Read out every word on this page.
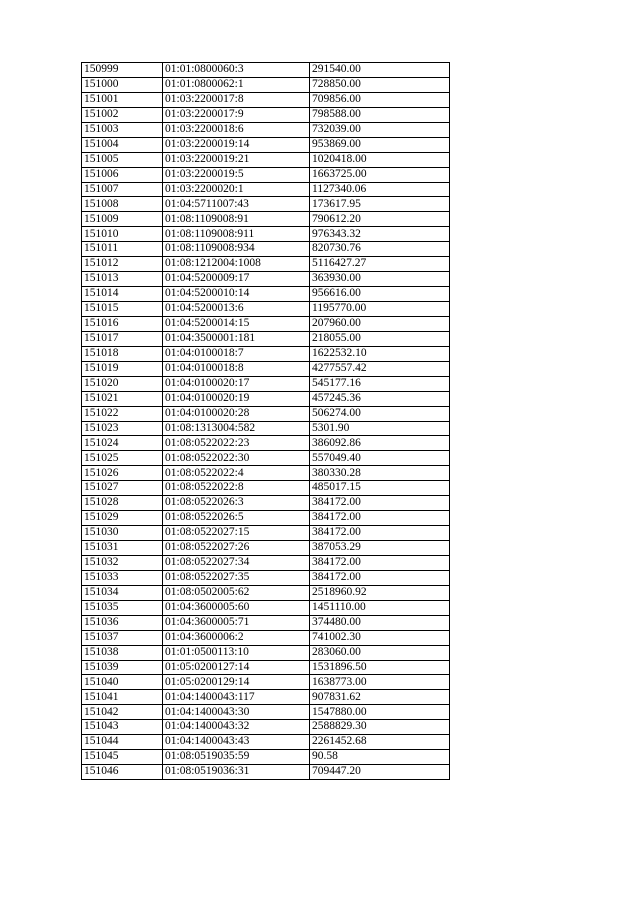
150999	01:01:0800060:3	291540.00
151000	01:01:0800062:1	728850.00
151001	01:03:2200017:8	709856.00
151002	01:03:2200017:9	798588.00
151003	01:03:2200018:6	732039.00
151004	01:03:2200019:14	953869.00
151005	01:03:2200019:21	1020418.00
151006	01:03:2200019:5	1663725.00
151007	01:03:2200020:1	1127340.06
151008	01:04:5711007:43	173617.95
151009	01:08:1109008:91	790612.20
151010	01:08:1109008:911	976343.32
151011	01:08:1109008:934	820730.76
151012	01:08:1212004:1008	5116427.27
151013	01:04:5200009:17	363930.00
151014	01:04:5200010:14	956616.00
151015	01:04:5200013:6	1195770.00
151016	01:04:5200014:15	207960.00
151017	01:04:3500001:181	218055.00
151018	01:04:0100018:7	1622532.10
151019	01:04:0100018:8	4277557.42
151020	01:04:0100020:17	545177.16
151021	01:04:0100020:19	457245.36
151022	01:04:0100020:28	506274.00
151023	01:08:1313004:582	5301.90
151024	01:08:0522022:23	386092.86
151025	01:08:0522022:30	557049.40
151026	01:08:0522022:4	380330.28
151027	01:08:0522022:8	485017.15
151028	01:08:0522026:3	384172.00
151029	01:08:0522026:5	384172.00
151030	01:08:0522027:15	384172.00
151031	01:08:0522027:26	387053.29
151032	01:08:0522027:34	384172.00
151033	01:08:0522027:35	384172.00
151034	01:08:0502005:62	2518960.92
151035	01:04:3600005:60	1451110.00
151036	01:04:3600005:71	374480.00
151037	01:04:3600006:2	741002.30
151038	01:01:0500113:10	283060.00
151039	01:05:0200127:14	1531896.50
151040	01:05:0200129:14	1638773.00
151041	01:04:1400043:117	907831.62
151042	01:04:1400043:30	1547880.00
151043	01:04:1400043:32	2588829.30
151044	01:04:1400043:43	2261452.68
151045	01:08:0519035:59	90.58
151046	01:08:0519036:31	709447.20
